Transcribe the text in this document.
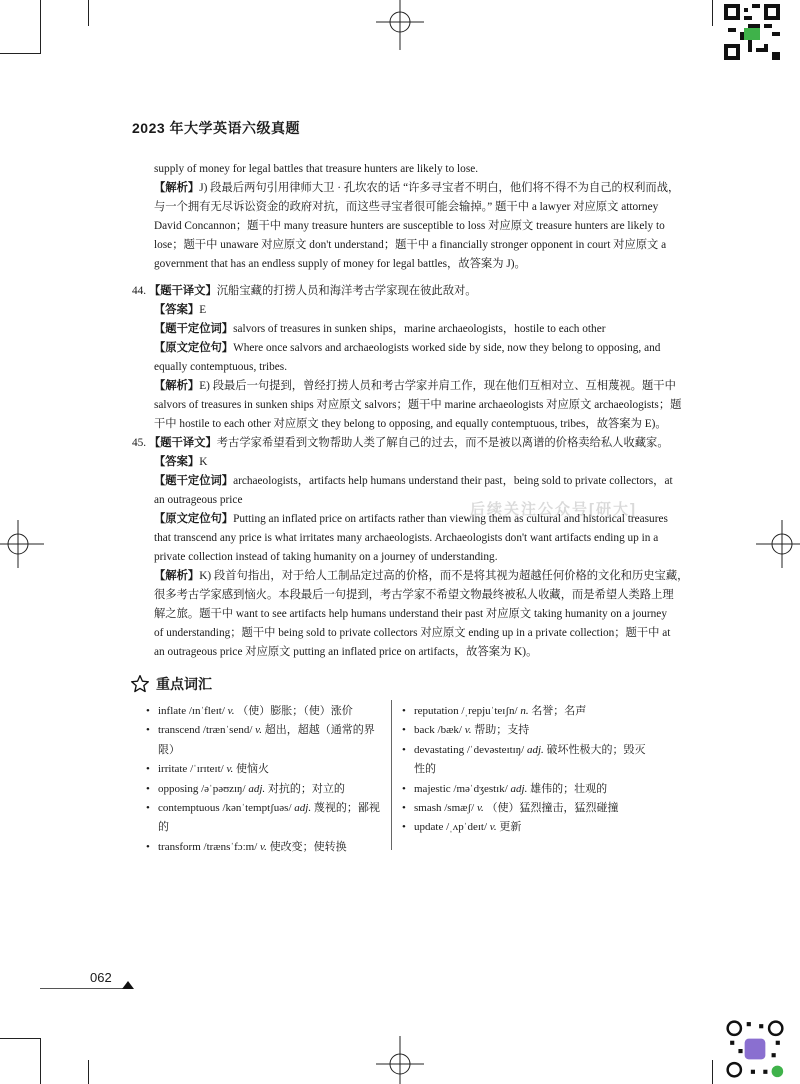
2023 年大学英语六级真题
supply of money for legal battles that treasure hunters are likely to lose.
【解析】J) 段最后两句引用律师大卫 · 孔坎农的话 “许多寻宝者不明白，他们将不得不为自己的权利而战，
与一个拥有无尽诉讼资金的政府对抗，而这些寻宝者很可能会输掉。” 题干中 a lawyer 对应原文 attorney
David Concannon；题干中 many treasure hunters are susceptible to loss 对应原文 treasure hunters are likely to
lose；题干中 unaware 对应原文 don't understand；题干中 a financially stronger opponent in court 对应原文 a
government that has an endless supply of money for legal battles，故答案为 J)。
44. 【题干译文】沉船宝藏的打捞人员和海洋考古学家现在彼此敌对。
【答案】E
【题干定位词】salvors of treasures in sunken ships，marine archaeologists，hostile to each other
【原文定位句】Where once salvors and archaeologists worked side by side, now they belong to opposing, and
equally contemptuous, tribes.
【解析】E) 段最后一句提到，曾经打捞人员和考古学家并肩工作，现在他们互相对立、互相蔑视。题干中
salvors of treasures in sunken ships 对应原文 salvors；题干中 marine archaeologists 对应原文 archaeologists；题
干中 hostile to each other 对应原文 they belong to opposing, and equally contemptuous, tribes，故答案为 E)。
45. 【题干译文】考古学家希望看到文物帮助人类了解自己的过去，而不是被以离谱的价格卖给私人收藏家。
【答案】K
【题干定位词】archaeologists，artifacts help humans understand their past，being sold to private collectors，at
an outrageous price
【原文定位句】Putting an inflated price on artifacts rather than viewing them as cultural and historical treasures
that transcend any price is what irritates many archaeologists. Archaeologists don't want artifacts ending up in a
private collection instead of taking humanity on a journey of understanding.
【解析】K) 段首句指出，对于给人工制品定过高的价格，而不是将其视为超越任何价格的文化和历史宝藏，
很多考古学家感到恼火。本段最后一句提到，考古学家不希望文物最终被私人收藏，而是希望人类路上理
解之旅。题干中 want to see artifacts help humans understand their past 对应原文 taking humanity on a journey
of understanding；题干中 being sold to private collectors 对应原文 ending up in a private collection；题干中 at
an outrageous price 对应原文 putting an inflated price on artifacts，故答案为 K)。
后续关注公众号[研大]
重点词汇
• inflate /ɪnˈfleɪt/ v. （使）膨胀；（使）涨价
• transcend /trænˈsend/ v. 超出，超越（通常的界限）
• irritate /ˈɪrɪteɪt/ v. 使恼火
• opposing /əˈpəʊzɪŋ/ adj. 对抗的；对立的
• contemptuous /kənˈtemptʃuəs/ adj. 蔑视的；鄙视的
• transform /trænsˈfɔːm/ v. 使改变；使转换
• reputation /ˌrepjuˈteɪʃn/ n. 名誉；名声
• back /bæk/ v. 帮助；支持
• devastating /ˈdevəsteɪtɪŋ/ adj. 破坏性极大的；毁灭性的
• majestic /məˈdʒestɪk/ adj. 雄伟的；壮观的
• smash /smæʃ/ v. （使）猛烈撞击，猛烈碰撞
• update /ˌʌpˈdeɪt/ v. 更新
062
